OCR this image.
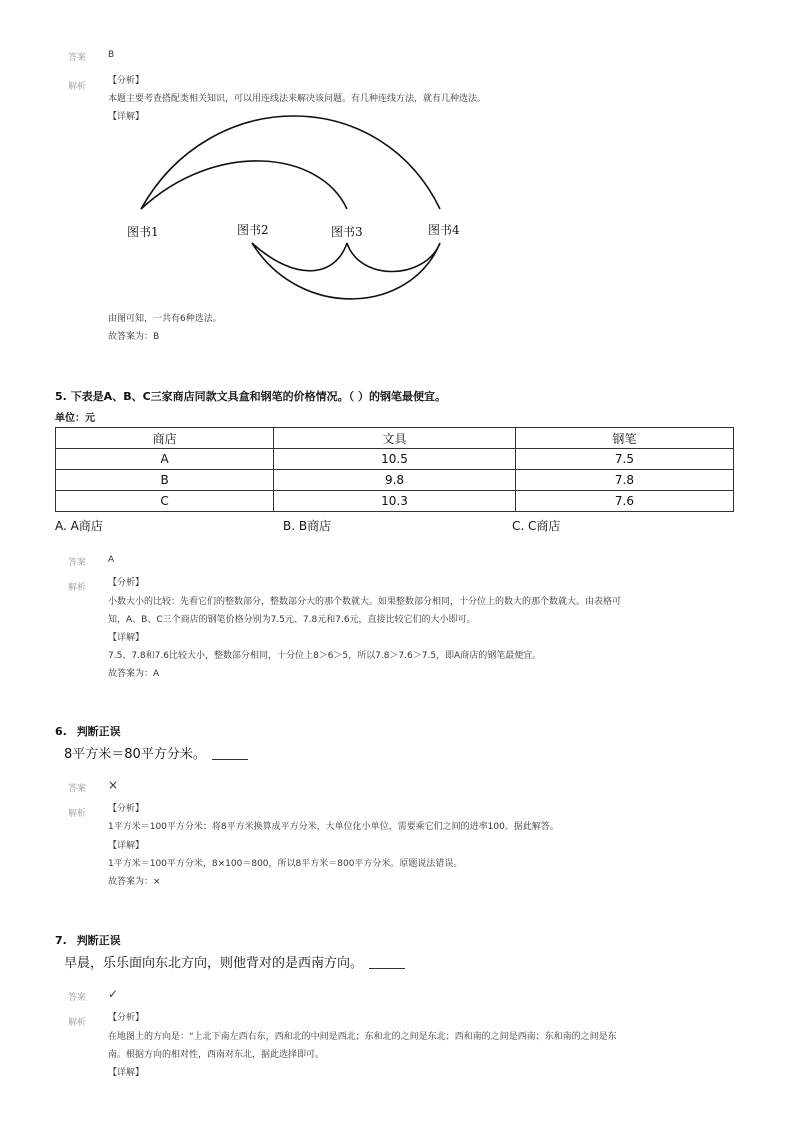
答案 B
解析
【分析】
本题主要考查搭配类相关知识，可以用连线法来解决该问题。有几种连线方法，就有几种选法。
【详解】
图书1	图书2	图书3	图书4
由图可知，一共有6种选法。
故答案为：B
5. 下表是A、B、C三家商店同款文具盒和钢笔的价格情况。（ ）的钢笔最便宜。
单位：元
商店	文具	钢笔
A	10.5	7.5
B	9.8	7.8
C	10.3	7.6
A. A商店	B. B商店	C. C商店
答案 A
解析 【分析】
小数大小的比较：先看它们的整数部分，整数部分大的那个数就大。如果整数部分相同，十分位上的数大的那个数就大。由表格可
知，A、B、C三个商店的钢笔价格分别为7.5元、7.8元和7.6元，直接比较它们的大小即可。
【详解】
7.5、7.8和7.6比较大小，整数部分相同，十分位上8＞6＞5，所以7.8＞7.6＞7.5，即A商店的钢笔最便宜。
故答案为：A
6. 判断正误
8平方米＝80平方分米。
答案 ×
解析 【分析】
1平方米＝100平方分米；将8平方米换算成平方分米，大单位化小单位，需要乘它们之间的进率100。据此解答。
【详解】
1平方米＝100平方分米，8×100＝800，所以8平方米＝800平方分米。原题说法错误。
故答案为：×
7. 判断正误
早晨，乐乐面向东北方向，则他背对的是西南方向。
答案 ✓
解析 【分析】
在地图上的方向是：“上北下南左西右东，西和北的中间是西北；东和北的之间是东北；西和南的之间是西南；东和南的之间是东
南。根据方向的相对性，西南对东北，据此选择即可。
【详解】
